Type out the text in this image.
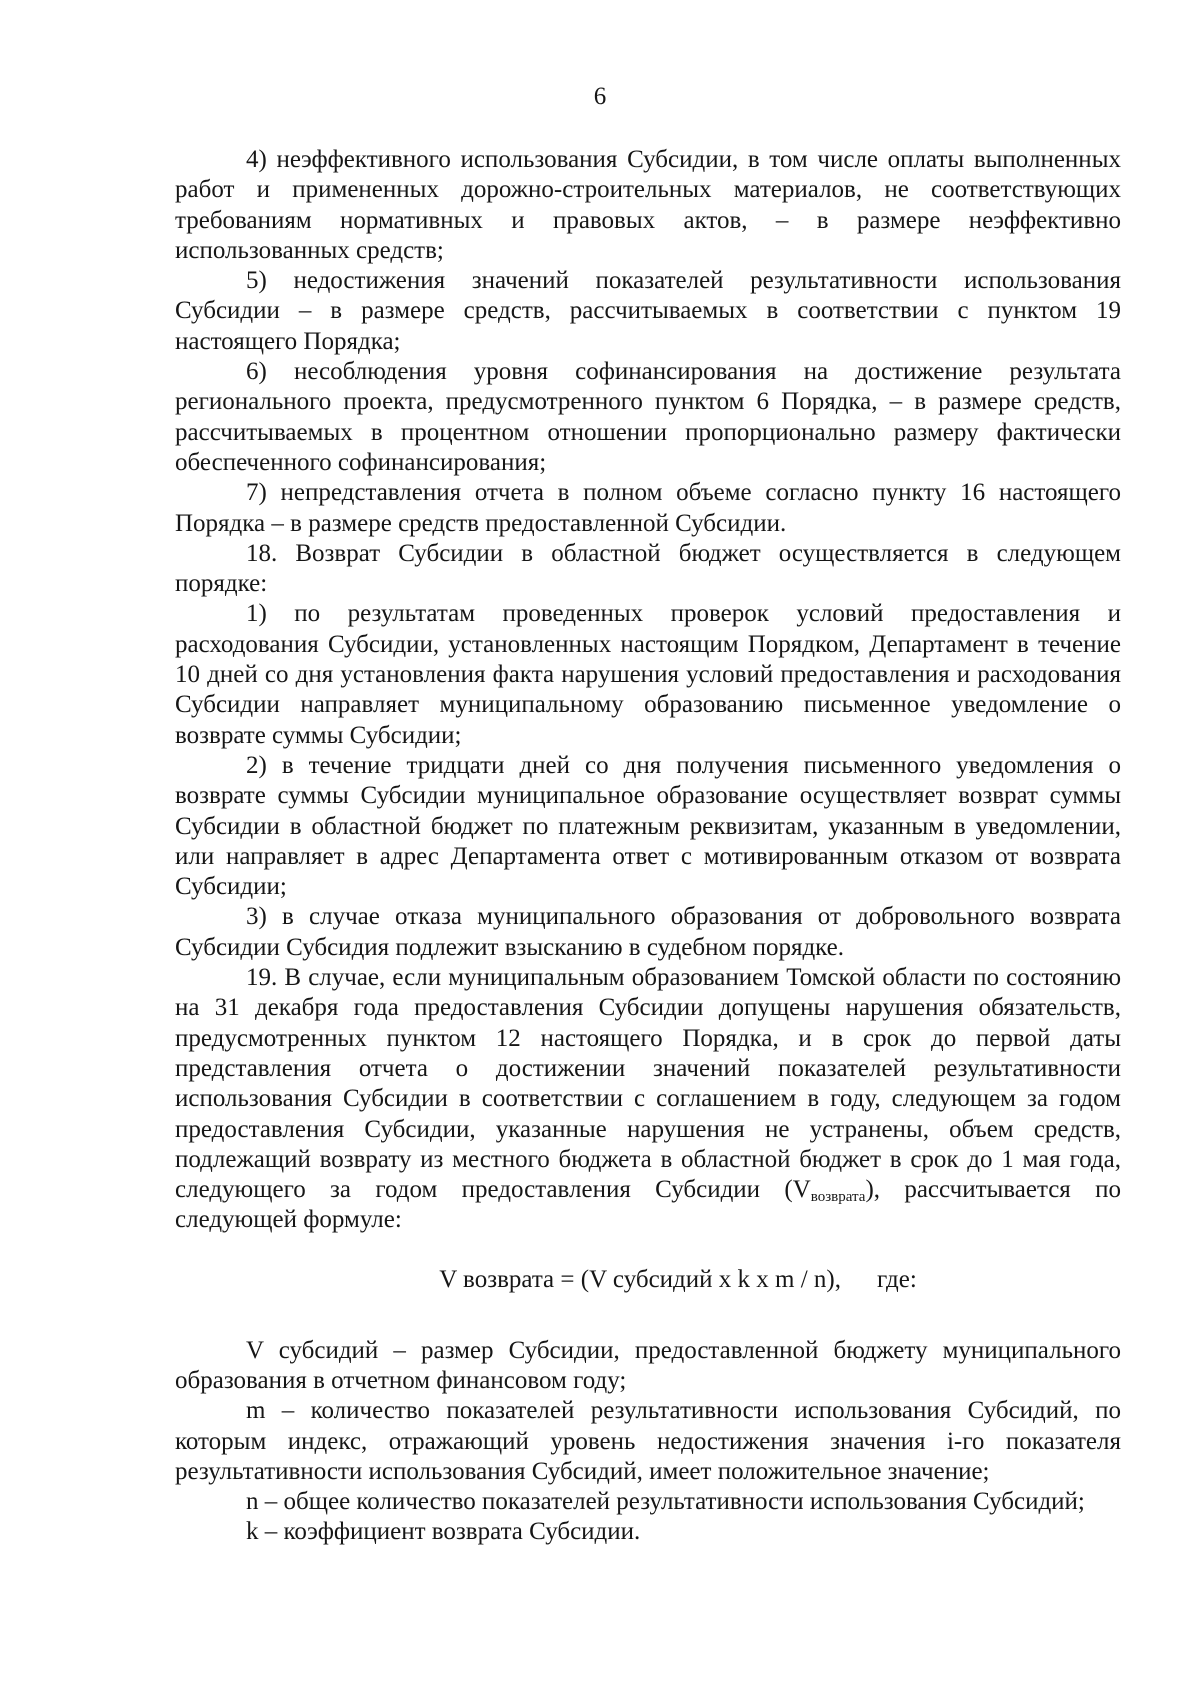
6

4) неэффективного использования Субсидии, в том числе оплаты выполненных работ и примененных дорожно-строительных материалов, не соответствующих требованиям нормативных и правовых актов, – в размере неэффективно использованных средств;

5) недостижения значений показателей результативности использования Субсидии – в размере средств, рассчитываемых в соответствии с пунктом 19 настоящего Порядка;

6) несоблюдения уровня софинансирования на достижение результата регионального проекта, предусмотренного пунктом 6 Порядка, – в размере средств, рассчитываемых в процентном отношении пропорционально размеру фактически обеспеченного софинансирования;

7) непредставления отчета в полном объеме согласно пункту 16 настоящего Порядка – в размере средств предоставленной Субсидии.

18. Возврат Субсидии в областной бюджет осуществляется в следующем порядке:

1) по результатам проведенных проверок условий предоставления и расходования Субсидии, установленных настоящим Порядком, Департамент в течение 10 дней со дня установления факта нарушения условий предоставления и расходования Субсидии направляет муниципальному образованию письменное уведомление о возврате суммы Субсидии;

2) в течение тридцати дней со дня получения письменного уведомления о возврате суммы Субсидии муниципальное образование осуществляет возврат суммы Субсидии в областной бюджет по платежным реквизитам, указанным в уведомлении, или направляет в адрес Департамента ответ с мотивированным отказом от возврата Субсидии;

3) в случае отказа муниципального образования от добровольного возврата Субсидии Субсидия подлежит взысканию в судебном порядке.

19. В случае, если муниципальным образованием Томской области по состоянию на 31 декабря года предоставления Субсидии допущены нарушения обязательств, предусмотренных пунктом 12 настоящего Порядка, и в срок до первой даты представления отчета о достижении значений показателей результативности использования Субсидии в соответствии с соглашением в году, следующем за годом предоставления Субсидии, указанные нарушения не устранены, объем средств, подлежащий возврату из местного бюджета в областной бюджет в срок до 1 мая года, следующего за годом предоставления Субсидии $(V_{возврата})$, рассчитывается по следующей формуле:

V возврата = (V субсидий x k x m / n), где:

V субсидий – размер Субсидии, предоставленной бюджету муниципального образования в отчетном финансовом году;

m – количество показателей результативности использования Субсидий, по которым индекс, отражающий уровень недостижения значения i-го показателя результативности использования Субсидий, имеет положительное значение;

n – общее количество показателей результативности использования Субсидий;

k – коэффициент возврата Субсидии.
